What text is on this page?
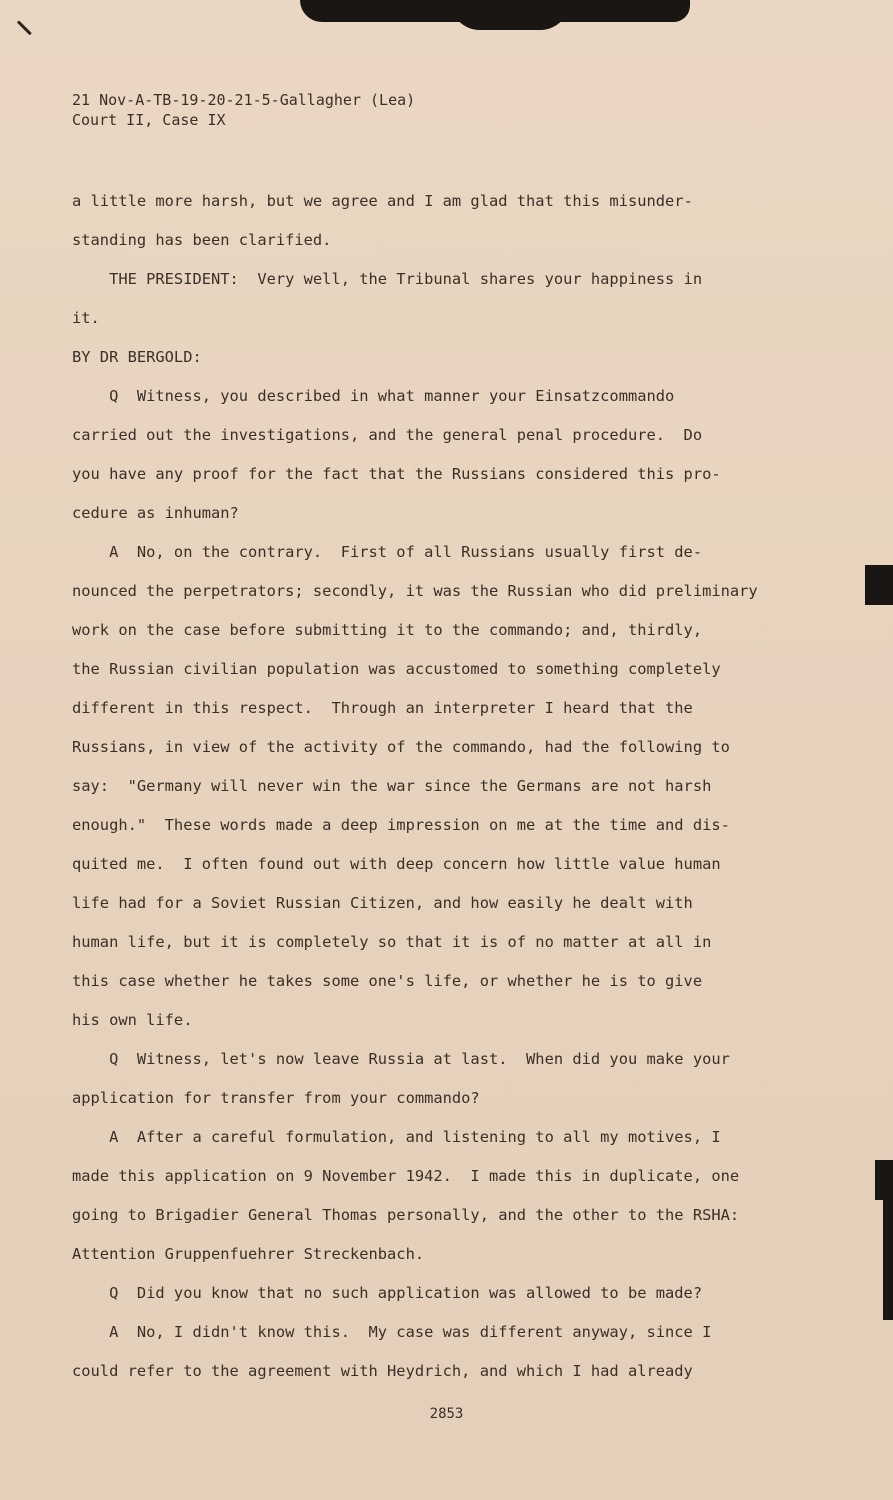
21 Nov-A-TB-19-20-21-5-Gallagher (Lea)
Court II, Case IX
a little more harsh, but we agree and I am glad that this misunder-
standing has been clarified.
THE PRESIDENT:  Very well, the Tribunal shares your happiness in
it.
BY DR BERGOLD:
Q  Witness, you described in what manner your Einsatzcommando
carried out the investigations, and the general penal procedure.  Do
you have any proof for the fact that the Russians considered this pro-
cedure as inhuman?
A  No, on the contrary.  First of all Russians usually first de-
nounced the perpetrators; secondly, it was the Russian who did preliminary
work on the case before submitting it to the commando; and, thirdly,
the Russian civilian population was accustomed to something completely
different in this respect.  Through an interpreter I heard that the
Russians, in view of the activity of the commando, had the following to
say:  "Germany will never win the war since the Germans are not harsh
enough."  These words made a deep impression on me at the time and dis-
quited me.  I often found out with deep concern how little value human
life had for a Soviet Russian Citizen, and how easily he dealt with
human life, but it is completely so that it is of no matter at all in
this case whether he takes some one's life, or whether he is to give
his own life.
Q  Witness, let's now leave Russia at last.  When did you make your
application for transfer from your commando?
A  After a careful formulation, and listening to all my motives, I
made this application on 9 November 1942.  I made this in duplicate, one
going to Brigadier General Thomas personally, and the other to the RSHA:
Attention Gruppenfuehrer Streckenbach.
Q  Did you know that no such application was allowed to be made?
A  No, I didn't know this.  My case was different anyway, since I
could refer to the agreement with Heydrich, and which I had already
2853
